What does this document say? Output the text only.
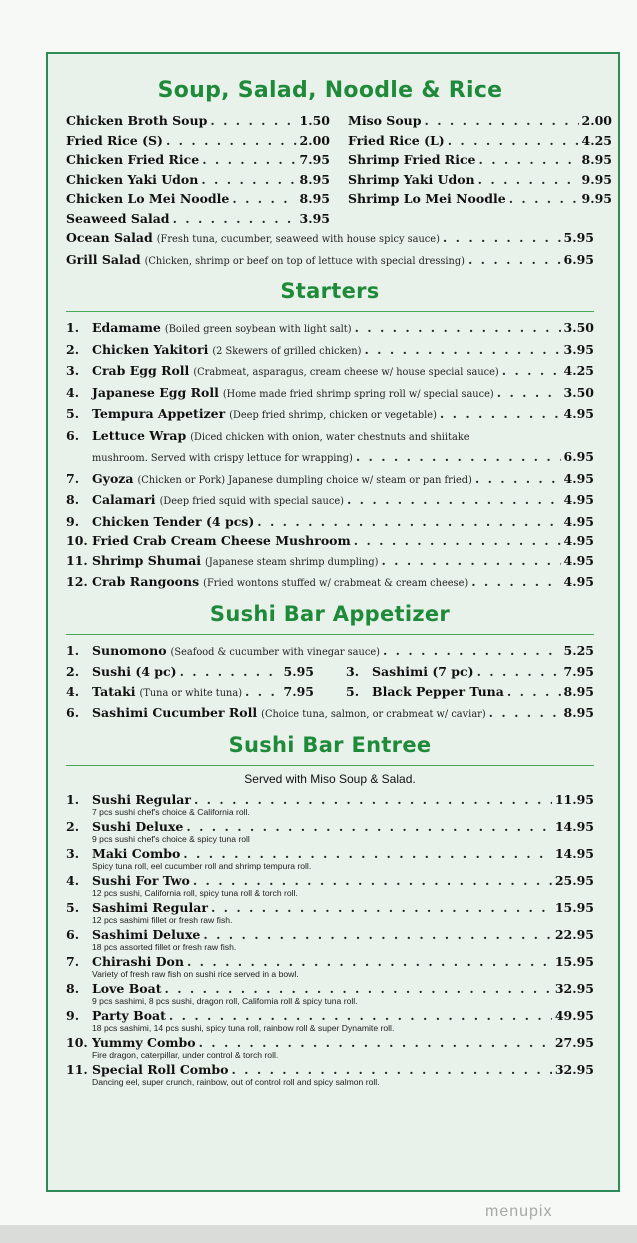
Soup, Salad, Noodle & Rice
Chicken Broth Soup . . .	1.50
Fried Rice (S) . . .	2.00
Chicken Fried Rice . . .	7.95
Chicken Yaki Udon . . .	8.95
Chicken Lo Mei Noodle . . .	8.95
Seaweed Salad . . .	3.95
Miso Soup . . .	2.00
Fried Rice (L) . . .	4.25
Shrimp Fried Rice . . .	8.95
Shrimp Yaki Udon . . .	9.95
Shrimp Lo Mei Noodle . . .	9.95
Ocean Salad (Fresh tuna, cucumber, seaweed with house spicy sauce) . . .	5.95
Grill Salad (Chicken, shrimp or beef on top of lettuce with special dressing) . . .	6.95
Starters
1.	Edamame (Boiled green soybean with light salt) . . .	3.50
2.	Chicken Yakitori (2 Skewers of grilled chicken) . . .	3.95
3.	Crab Egg Roll (Crabmeat, asparagus, cream cheese w/ house special sauce) . . .	4.25
4.	Japanese Egg Roll (Home made fried shrimp spring roll w/ special sauce) . . .	3.50
5.	Tempura Appetizer (Deep fried shrimp, chicken or vegetable) . . .	4.95
6.	Lettuce Wrap (Diced chicken with onion, water chestnuts and shiitake
mushroom. Served with crispy lettuce for wrapping) . . .	6.95
7.	Gyoza (Chicken or Pork) Japanese dumpling choice w/ steam or pan fried) . . .	4.95
8.	Calamari (Deep fried squid with special sauce) . . .	4.95
9.	Chicken Tender (4 pcs) . . .	4.95
10. Fried Crab Cream Cheese Mushroom . . .	4.95
11. Shrimp Shumai (Japanese steam shrimp dumpling) . . .	4.95
12. Crab Rangoons (Fried wontons stuffed w/ crabmeat & cream cheese) . . .	4.95
Sushi Bar Appetizer
1.	Sunomono (Seafood & cucumber with vinegar sauce) . . .	5.25
2.	Sushi (4 pc) . . .	5.95
4.	Tataki (Tuna or white tuna) . . .	7.95
3.	Sashimi (7 pc) . . .	7.95
5.	Black Pepper Tuna . . .	8.95
6.	Sashimi Cucumber Roll (Choice tuna, salmon, or crabmeat w/ caviar) . . .	8.95
Sushi Bar Entree
Served with Miso Soup & Salad.
1.	Sushi Regular . . .	11.95
7 pcs sushi chef's choice & California roll.
2.	Sushi Deluxe . . .	14.95
9 pcs sushi chef's choice & spicy tuna roll
3.	Maki Combo . . .	14.95
Spicy tuna roll, eel cucumber roll and shrimp tempura roll.
4.	Sushi For Two . . .	25.95
12 pcs sushi, California roll, spicy tuna roll & torch roll.
5.	Sashimi Regular . . .	15.95
12 pcs sashimi fillet or fresh raw fish.
6.	Sashimi Deluxe . . .	22.95
18 pcs assorted fillet or fresh raw fish.
7.	Chirashi Don . . .	15.95
Variety of fresh raw fish on sushi rice served in a bowl.
8.	Love Boat . . .	32.95
9 pcs sashimi, 8 pcs sushi, dragon roll, California roll & spicy tuna roll.
9.	Party Boat . . .	49.95
18 pcs sashimi, 14 pcs sushi, spicy tuna roll, rainbow roll & super Dynamite roll.
10. Yummy Combo . . .	27.95
Fire dragon, caterpillar, under control & torch roll.
11. Special Roll Combo . . .	32.95
Dancing eel, super crunch, rainbow, out of control roll and spicy salmon roll.
menupix
